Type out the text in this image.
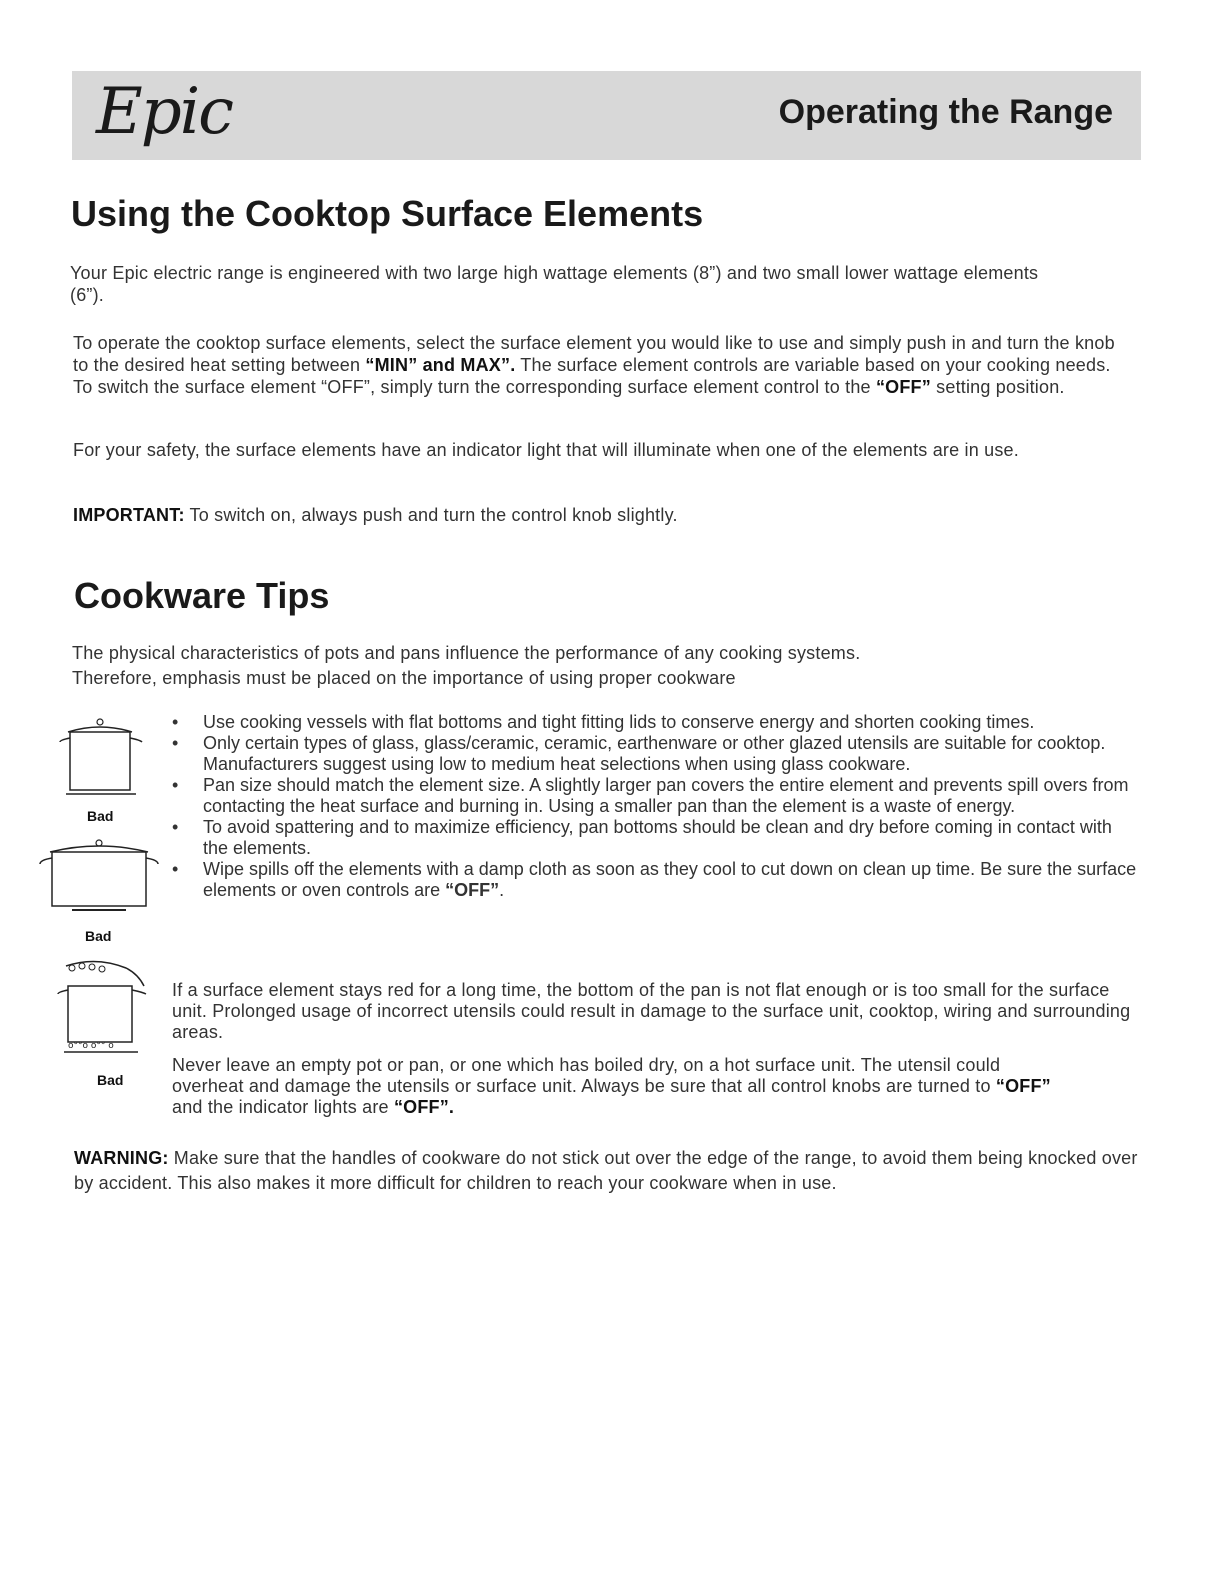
Epic	Operating the Range
Using the Cooktop Surface Elements

Your Epic electric range is engineered with two large high wattage elements (8”) and two small lower wattage elements (6”).

To operate the cooktop surface elements, select the surface element you would like to use and simply push in and turn the knob to the desired heat setting between “MIN” and MAX”. The surface element controls are variable based on your cooking needs. To switch the surface element “OFF”, simply turn the corresponding surface element control to the “OFF” setting position.

For your safety, the surface elements have an indicator light that will illuminate when one of the elements are in use.

IMPORTANT: To switch on, always push and turn the control knob slightly.

Cookware Tips

The physical characteristics of pots and pans influence the performance of any cooking systems.

Therefore, emphasis must be placed on the importance of using proper cookware

Bad
Bad
o°°o o°° o
Bad
• Use cooking vessels with flat bottoms and tight fitting lids to conserve energy and shorten cooking times.
• Only certain types of glass, glass/ceramic, ceramic, earthenware or other glazed utensils are suitable for cooktop. Manufacturers suggest using low to medium heat selections when using glass cookware.
• Pan size should match the element size. A slightly larger pan covers the entire element and prevents spill overs from contacting the heat surface and burning in. Using a smaller pan than the element is a waste of energy.
• To avoid spattering and to maximize efficiency, pan bottoms should be clean and dry before coming in contact with the elements.
• Wipe spills off the elements with a damp cloth as soon as they cool to cut down on clean up time. Be sure the surface elements or oven controls are “OFF”.

If a surface element stays red for a long time, the bottom of the pan is not flat enough or is too small for the surface unit. Prolonged usage of incorrect utensils could result in damage to the surface unit, cooktop, wiring and surrounding areas.

Never leave an empty pot or pan, or one which has boiled dry, on a hot surface unit. The utensil could overheat and damage the utensils or surface unit. Always be sure that all control knobs are turned to “OFF” and the indicator lights are “OFF”.

WARNING: Make sure that the handles of cookware do not stick out over the edge of the range, to avoid them being knocked over by accident. This also makes it more difficult for children to reach your cookware when in use.
